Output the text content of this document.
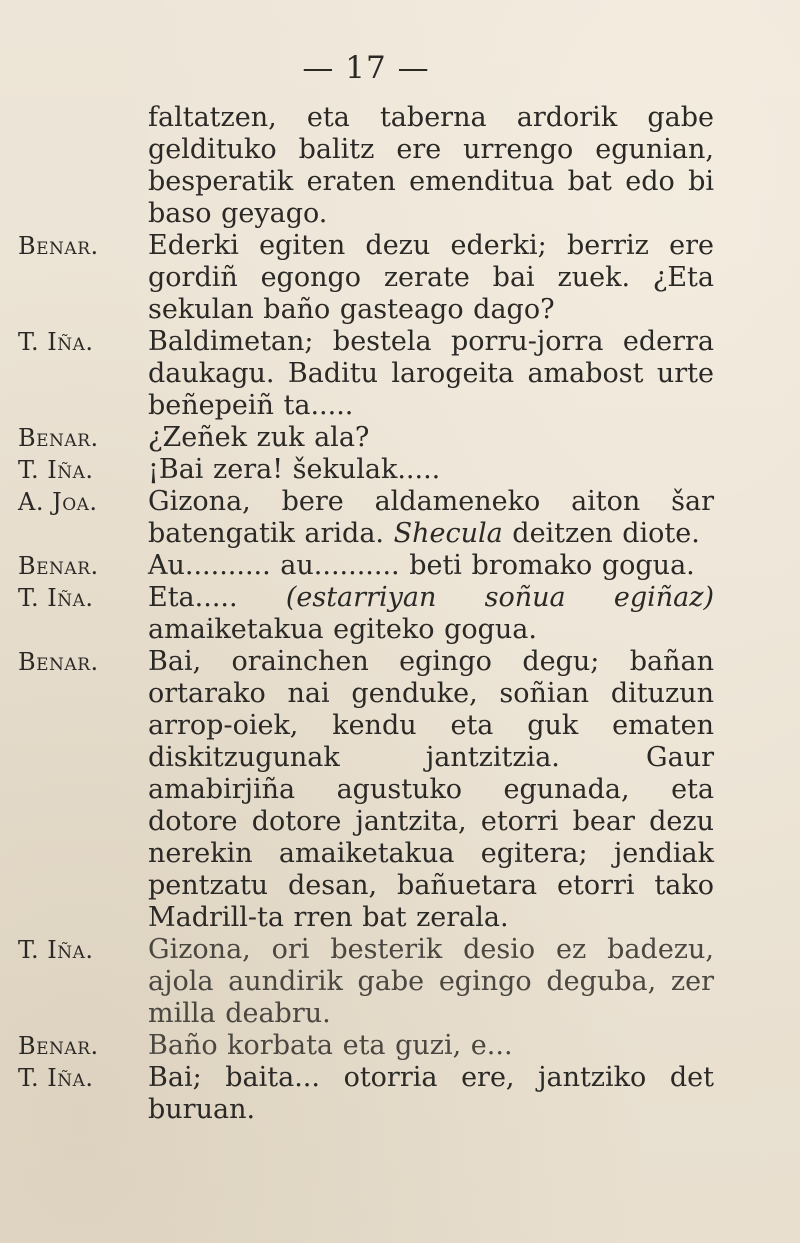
— 17 —
faltatzen, eta taberna ardorik gabe gelditukо balitz ere urrengo egunian, besperatik eraten emendituа bat edo bi baso geyago.
Benar. Ederki egiten dezu ederki; berriz ere gordiñ egongo zerate bai zuek. ¿Eta sekulan baño gasteago dago?
T. Iña. Baldimetan; bestela porru-jorra ederra daukagu. Baditu larogeita amabost urte beñepeiñ ta.....
Benar. ¿Zeñek zuk ala?
T. Iña. ¡Bai zera! šekulak.....
A. Joa. Gizona, bere aldameneko aiton šar batengatik arida. Shecula deitzen diote.
Benar. Au.......... au.......... beti bromako gogua.
T. Iña. Eta..... (estarriyan soñua egiñaz) amaiketakua egiteko gogua.
Benar. Bai, orainchen egingo degu; bañan ortarako nai genduke, soñian dituzun arrop-oiek, kendu eta guk ematen diskitzugunak jantzitzia. Gaur amabirjiña agustuko egunada, eta dotore dotore jantzita, etorri bear dezu nerekin amaiketakua egitera; jendiak pentzatu desan, bañuetara etorri tako Madrill-ta rren bat zerala.
T. Iña. Gizona, ori besterik desio ez badezu, ajola aundirik gabe egingo deguba, zer milla deabru.
Benar. Baño korbata eta guzi, e...
T. Iña. Bai; baita... otorria ere, jantziko det buruan.
